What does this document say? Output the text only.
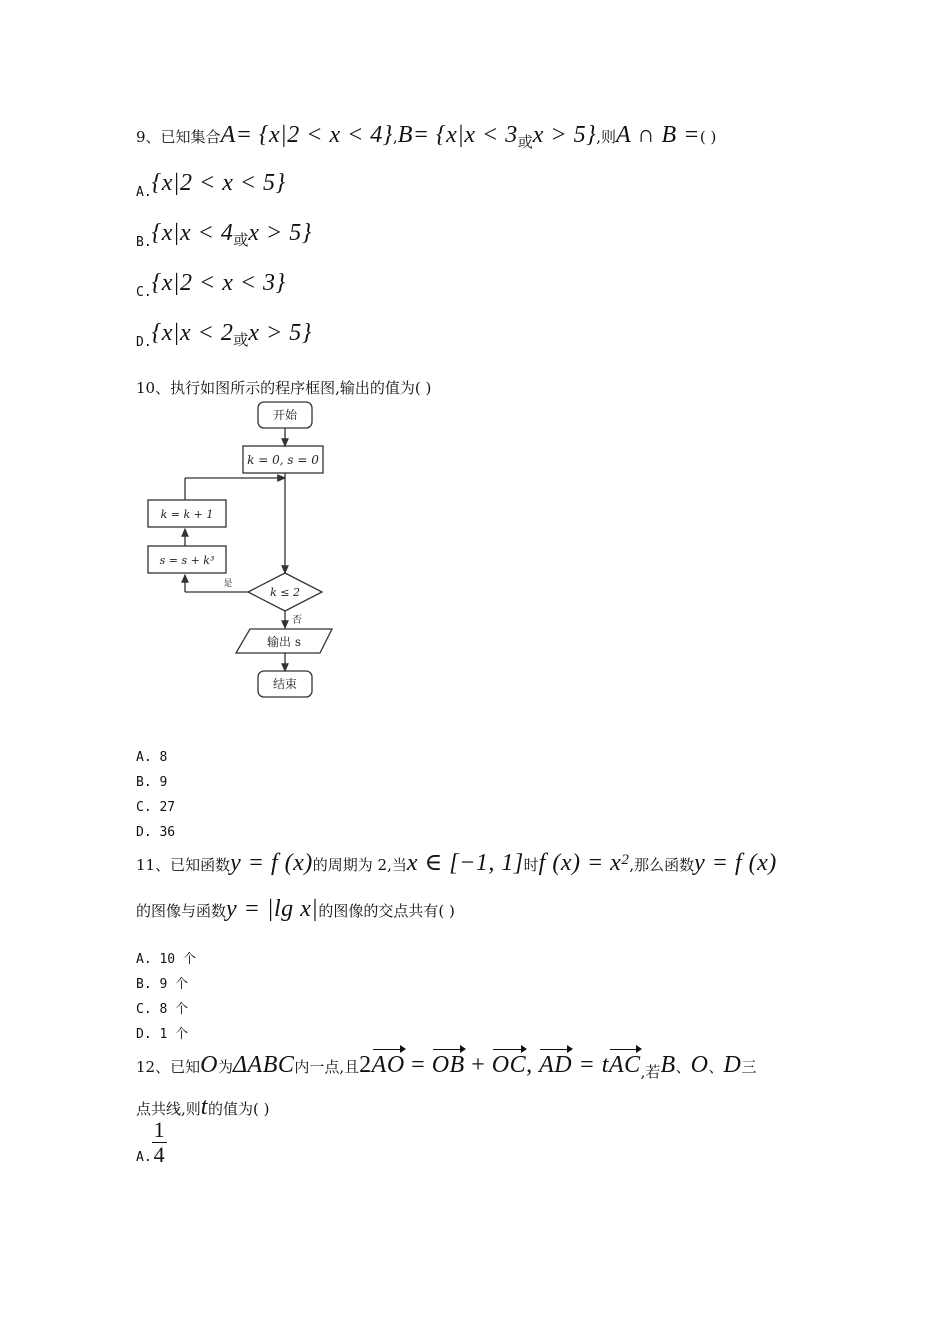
9、已知集合A= {x|2 < x < 4},B= {x|x < 3或x > 5},则A ∩ B =( )
A.{x|2 < x < 5}
B.{x|x < 4或x > 5}
C.{x|2 < x < 3}
D.{x|x < 2或x > 5}
10、执行如图所示的程序框图,输出的值为( )
开始
k = 0, s = 0
k = k + 1
s = s + k³
k ≤ 2
是
否
输出 s
结束
A. 8
B. 9
C. 27
D. 36
11、已知函数y = f (x)的周期为 2,当x ∈ [−1, 1]时f $(x) = x^2$,那么函数y = f (x)
的图像与函数y = |lg x|的图像的交点共有( )
A. 10 个
B. 9 个
C. 8 个
D. 1 个
12、已知O为ΔABC内一点,且2AO = OB + OC, AD = tAC,若B、O、D三
点共线,则t的值为( )
A. $\frac{1}{4}$
